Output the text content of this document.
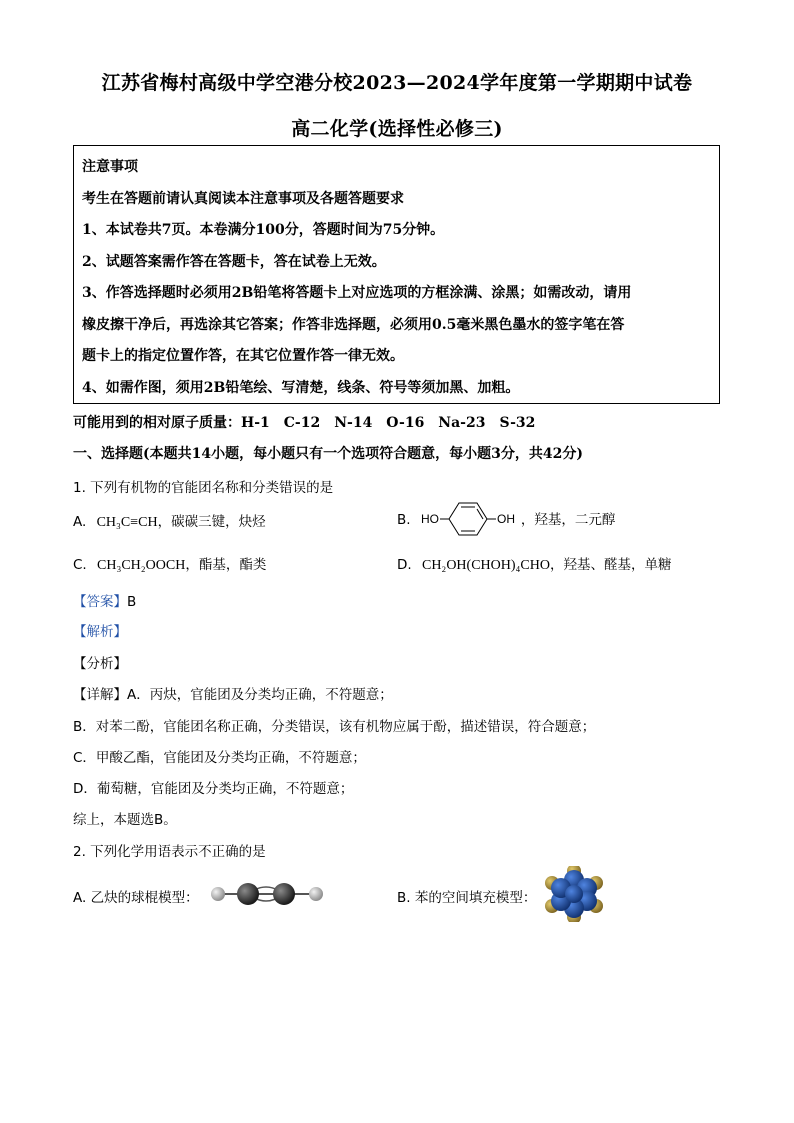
江苏省梅村高级中学空港分校2023—2024学年度第一学期期中试卷
高二化学(选择性必修三)
注意事项
考生在答题前请认真阅读本注意事项及各题答题要求
1、本试卷共7页。本卷满分100分，答题时间为75分钟。
2、试题答案需作答在答题卡，答在试卷上无效。
3、作答选择题时必须用2B铅笔将答题卡上对应选项的方框涂满、涂黑；如需改动，请用
橡皮擦干净后，再选涂其它答案；作答非选择题，必须用0.5毫米黑色墨水的签字笔在答
题卡上的指定位置作答，在其它位置作答一律无效。
4、如需作图，须用2B铅笔绘、写清楚，线条、符号等须加黑、加粗。
可能用到的相对原子质量：H-1　C-12　N-14　O-16　Na-23　S-32
一、选择题(本题共14小题，每小题只有一个选项符合题意，每小题3分，共42分)
1. 下列有机物的官能团名称和分类错误的是
A. CH₃C≡CH，碳碳三键，炔烃	B. HO	OH ，羟基，二元醇
C. CH₃CH₂OOCH，酯基，酯类	D. CH₂OH(CHOH)₄CHO，羟基、醛基，单糖
【答案】B
【解析】
【分析】
【详解】A．丙炔，官能团及分类均正确，不符题意；
B．对苯二酚，官能团名称正确，分类错误，该有机物应属于酚，描述错误，符合题意；
C．甲酸乙酯，官能团及分类均正确，不符题意；
D．葡萄糖，官能团及分类均正确，不符题意；
综上，本题选B。
2. 下列化学用语表示不正确的是
A. 乙炔的球棍模型：	B. 苯的空间填充模型：
